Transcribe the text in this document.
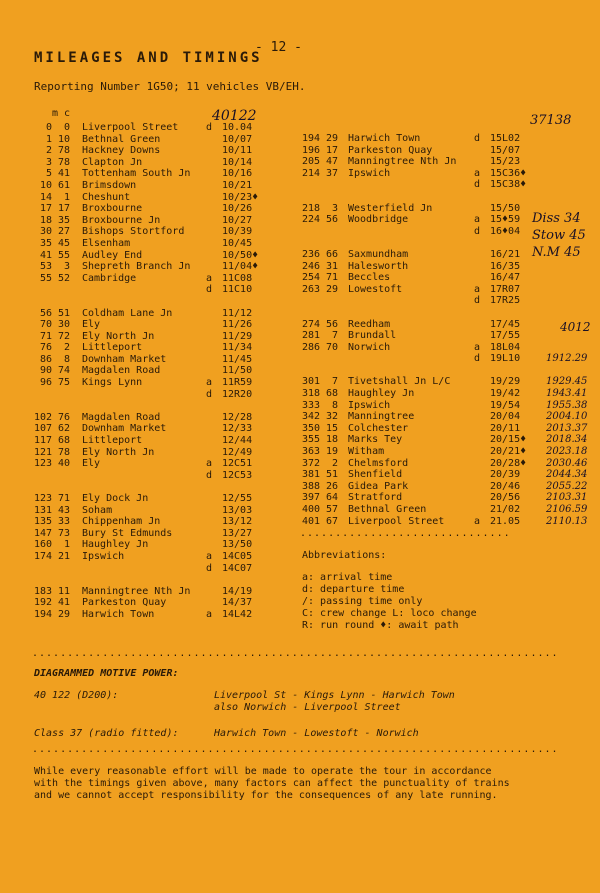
- 12 -
MILEAGES AND TIMINGS
Reporting Number 1G50; 11 vehicles VB/EH.
m c	40122	37138
Diss 34
Stow 45
N.M 45
4012
0	0 Liverpool Street	d 10.04
1 10 Bethnal Green	10/07
2 78 Hackney Downs	10/11
3 78 Clapton Jn	10/14
5 41 Tottenham South Jn	10/16
10 61 Brimsdown	10/21
14	1 Cheshunt	10/23♦
17 17 Broxbourne	10/26
18 35 Broxbourne Jn	10/27
30 27 Bishops Stortford	10/39
35 45 Elsenham	10/45
41 55 Audley End	10/50♦
53	3 Shepreth Branch Jn	11/04♦
55 52 Cambridge	a 11C08
d 11C10
56 51 Coldham Lane Jn	11/12
70 30 Ely	11/26
71 72 Ely North Jn	11/29
76	2 Littleport	11/34
86	8 Downham Market	11/45
90 74 Magdalen Road	11/50
96 75 Kings Lynn	a 11R59
d 12R20
102 76 Magdalen Road	12/28
107 62 Downham Market	12/33
117 68 Littleport	12/44
121 78 Ely North Jn	12/49
123 40 Ely	a 12C51
d 12C53
123 71 Ely Dock Jn	12/55
131 43 Soham	13/03
135 33 Chippenham Jn	13/12
147 73 Bury St Edmunds	13/27
160	1 Haughley Jn	13/50
174 21 Ipswich	a 14C05
d 14C07
183 11 Manningtree Nth Jn	14/19
192 41 Parkeston Quay	14/37
194 29 Harwich Town	a 14L42
194 29 Harwich Town	d 15L02
196 17 Parkeston Quay	15/07
205 47 Manningtree Nth Jn	15/23
214 37 Ipswich	a 15C36♦
d 15C38♦
218	3 Westerfield Jn	15/50
224 56 Woodbridge	a 15♦59
d 16♦04
236 66 Saxmundham	16/21
246 31 Halesworth	16/35
254 71 Beccles	16/47
263 29 Lowestoft	a 17R07
d 17R25
274 56 Reedham	17/45
281	7 Brundall	17/55
286 70 Norwich	a 18L04
d 19L10	1912.29
301	7 Tivetshall Jn L/C	19/29	1929.45
318 68 Haughley Jn	19/42	1943.41
333	8 Ipswich	19/54	1955.38
342 32 Manningtree	20/04	2004.10
350 15 Colchester	20/11	2013.37
355 18 Marks Tey	20/15♦ 2018.34
363 19 Witham	20/21♦ 2023.18
372	2 Chelmsford	20/28♦ 2030.46
381 51 Shenfield	20/39	2044.34
388 26 Gidea Park	20/46	2055.22
397 64 Stratford	20/56	2103.31
400 57 Bethnal Green	21/02	2106.59
401 67 Liverpool Street	a 21.05	2110.13
..............................
Abbreviations:
a: arrival time
d: departure time
/: passing time only
C: crew change L: loco change
R: run round ♦: await path
...........................................................................
DIAGRAMMED MOTIVE POWER:
40 122 (D200):	Liverpool St - Kings Lynn - Harwich Town
also Norwich - Liverpool Street
Class 37 (radio fitted):	Harwich Town - Lowestoft - Norwich
...........................................................................
While every reasonable effort will be made to operate the tour in accordance
with the timings given above, many factors can affect the punctuality of trains
and we cannot accept responsibility for the consequences of any late running.
